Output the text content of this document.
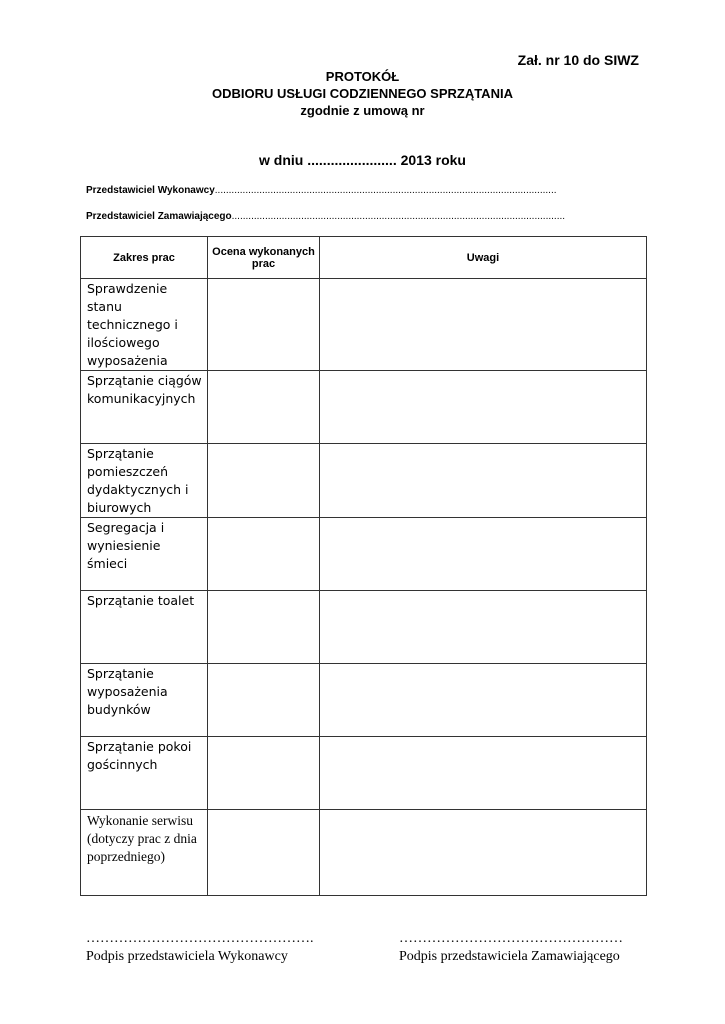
Zał. nr 10 do SIWZ
PROTOKÓŁ
ODBIORU USŁUGI CODZIENNEGO SPRZĄTANIA
zgodnie z umową nr
w dniu ....................... 2013 roku
Przedstawiciel Wykonawcy...........................................................................................................................
Przedstawiciel Zamawiającego........................................................................................................................
Zakres prac	Ocena wykonanych prac	Uwagi
Sprawdzenie stanu technicznego i ilościowego wyposażenia		
Sprzątanie ciągów komunikacyjnych		
Sprzątanie pomieszczeń dydaktycznych i biurowych		
Segregacja i wyniesienie śmieci		
Sprzątanie toalet		
Sprzątanie wyposażenia budynków		
Sprzątanie pokoi gościnnych		
Wykonanie serwisu (dotyczy prac z dnia poprzedniego)		
………………………………………….
Podpis przedstawiciela Wykonawcy
…………………………………………
Podpis przedstawiciela Zamawiającego
